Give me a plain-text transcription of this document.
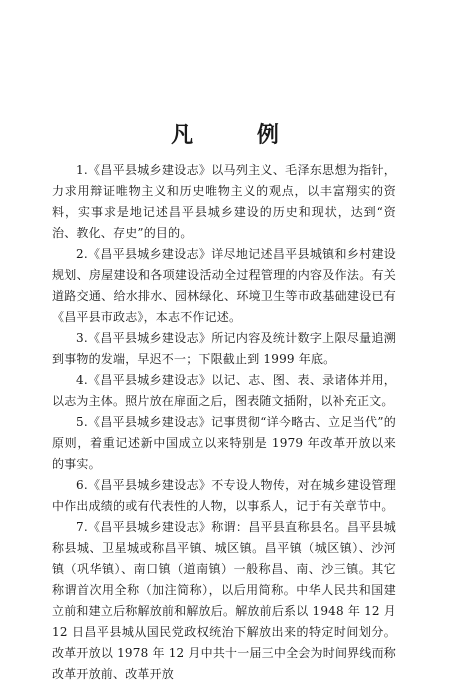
凡 例

1.《昌平县城乡建设志》以马列主义、毛泽东思想为指针，力求用辩证唯物主义和历史唯物主义的观点，以丰富翔实的资料，实事求是地记述昌平县城乡建设的历史和现状，达到“资治、教化、存史”的目的。

2.《昌平县城乡建设志》详尽地记述昌平县城镇和乡村建设规划、房屋建设和各项建设活动全过程管理的内容及作法。有关道路交通、给水排水、园林绿化、环境卫生等市政基础建设已有《昌平县市政志》，本志不作记述。

3.《昌平县城乡建设志》所记内容及统计数字上限尽量追溯到事物的发端，早迟不一；下限截止到 1999 年底。

4.《昌平县城乡建设志》以记、志、图、表、录诸体并用，以志为主体。照片放在扉面之后，图表随文插附，以补充正文。

5.《昌平县城乡建设志》记事贯彻“详今略古、立足当代”的原则，着重记述新中国成立以来特别是 1979 年改革开放以来的事实。

6.《昌平县城乡建设志》不专设人物传，对在城乡建设管理中作出成绩的或有代表性的人物，以事系人，记于有关章节中。

7.《昌平县城乡建设志》称谓：昌平县直称县名。昌平县城称县城、卫星城或称昌平镇、城区镇。昌平镇（城区镇）、沙河镇（巩华镇）、南口镇（道南镇）一般称昌、南、沙三镇。其它称谓首次用全称（加注简称），以后用简称。中华人民共和国建立前和建立后称解放前和解放后。解放前后系以 1948 年 12 月 12 日昌平县城从国民党政权统治下解放出来的特定时间划分。改革开放以 1978 年 12 月中共十一届三中全会为时间界线而称改革开放前、改革开放
